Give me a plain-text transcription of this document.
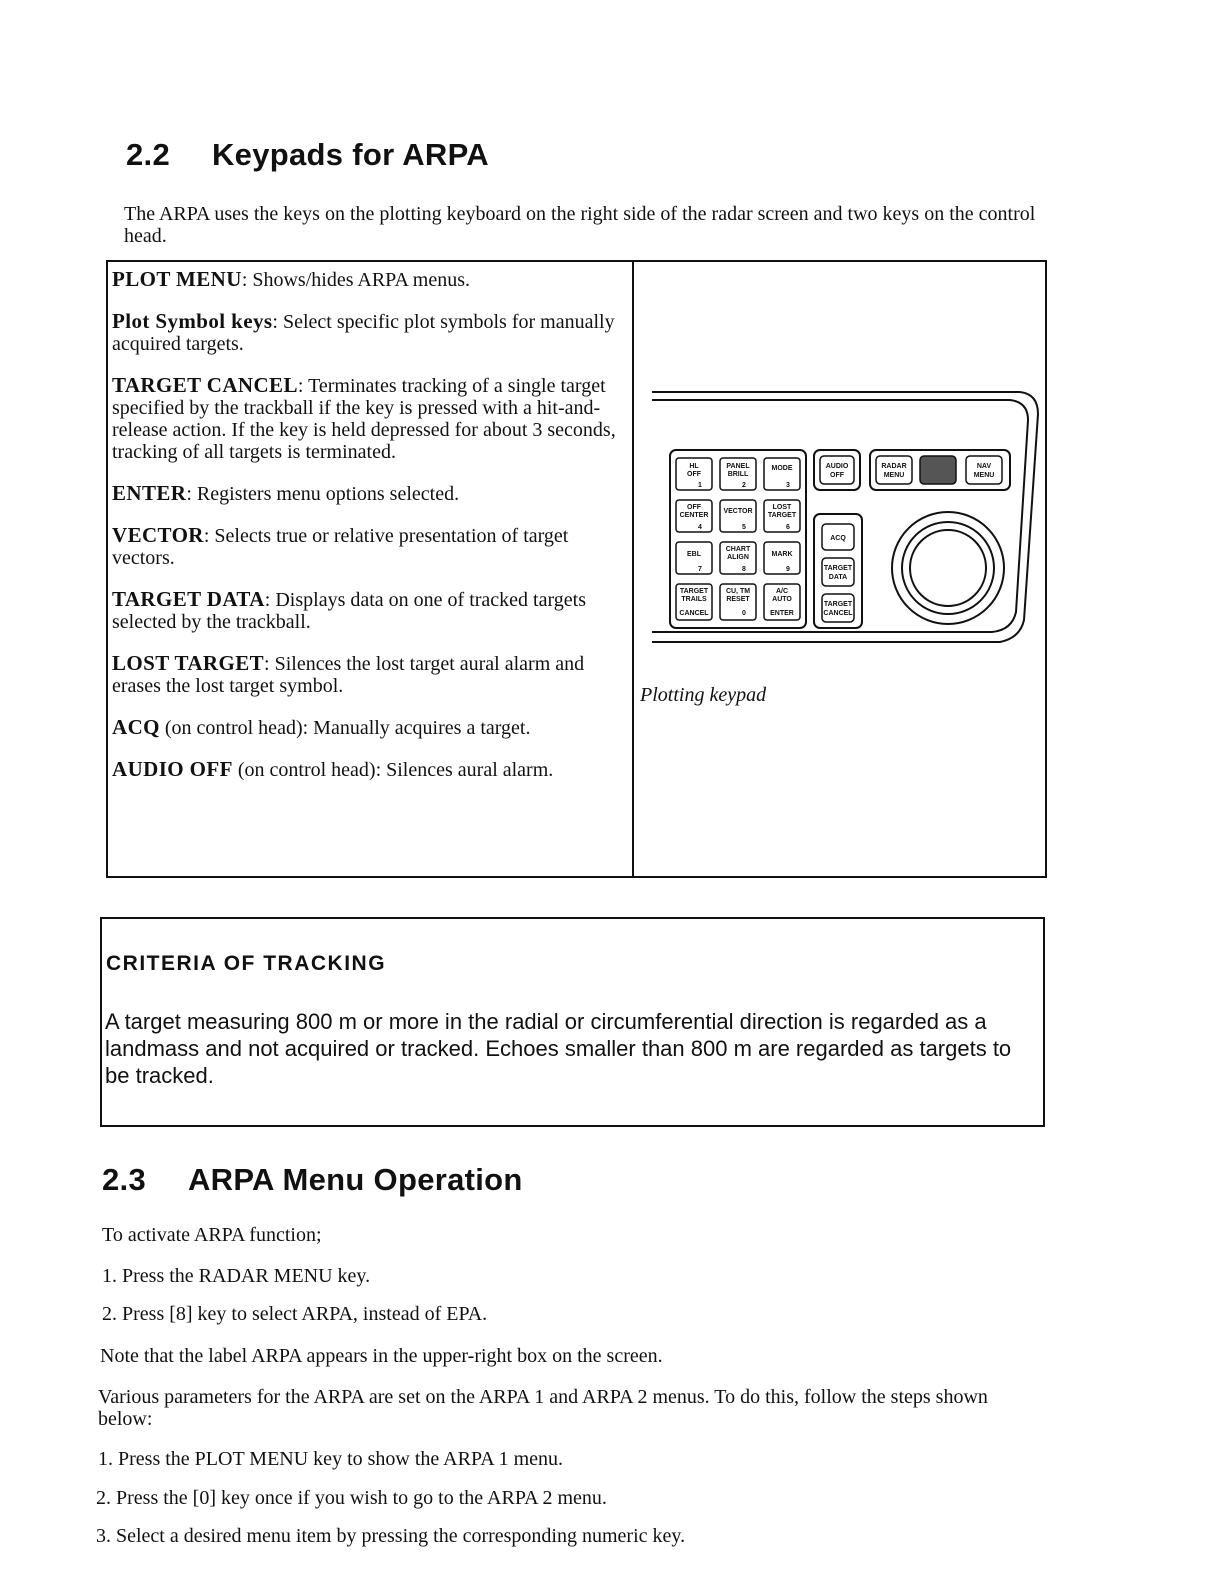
2.2 Keypads for ARPA
The ARPA uses the keys on the plotting keyboard on the right side of the radar screen and two keys on the control head.
PLOT MENU: Shows/hides ARPA menus.
Plot Symbol keys: Select specific plot symbols for manually acquired targets.
TARGET CANCEL: Terminates tracking of a single target specified by the trackball if the key is pressed with a hit-and-release action. If the key is held depressed for about 3 seconds, tracking of all targets is terminated.
ENTER: Registers menu options selected.
VECTOR: Selects true or relative presentation of target vectors.
TARGET DATA: Displays data on one of tracked targets selected by the trackball.
LOST TARGET: Silences the lost target aural alarm and erases the lost target symbol.
ACQ (on control head): Manually acquires a target.
AUDIO OFF (on control head): Silences aural alarm.
HL
OFF
1
PANEL
BRILL
2
MODE
3
OFF
CENTER
4
VECTOR
5
LOST
TARGET
6
EBL
7
CHART
ALIGN
8
MARK
9
TARGET
TRAILS
CANCEL
CU, TM
RESET
0
A/C
AUTO
ENTER
AUDIO
OFF
RADAR
MENU
NAV
MENU
ACQ
TARGET
DATA
TARGET
CANCEL
Plotting keypad
CRITERIA OF TRACKING
A target measuring 800 m or more in the radial or circumferential direction is regarded as a landmass and not acquired or tracked. Echoes smaller than 800 m are regarded as targets to be tracked.
2.3 ARPA Menu Operation
To activate ARPA function;
1. Press the RADAR MENU key.
2. Press [8] key to select ARPA, instead of EPA.
Note that the label ARPA appears in the upper-right box on the screen.
Various parameters for the ARPA are set on the ARPA 1 and ARPA 2 menus. To do this, follow the steps shown below:
1. Press the PLOT MENU key to show the ARPA 1 menu.
2. Press the [0] key once if you wish to go to the ARPA 2 menu.
3. Select a desired menu item by pressing the corresponding numeric key.
